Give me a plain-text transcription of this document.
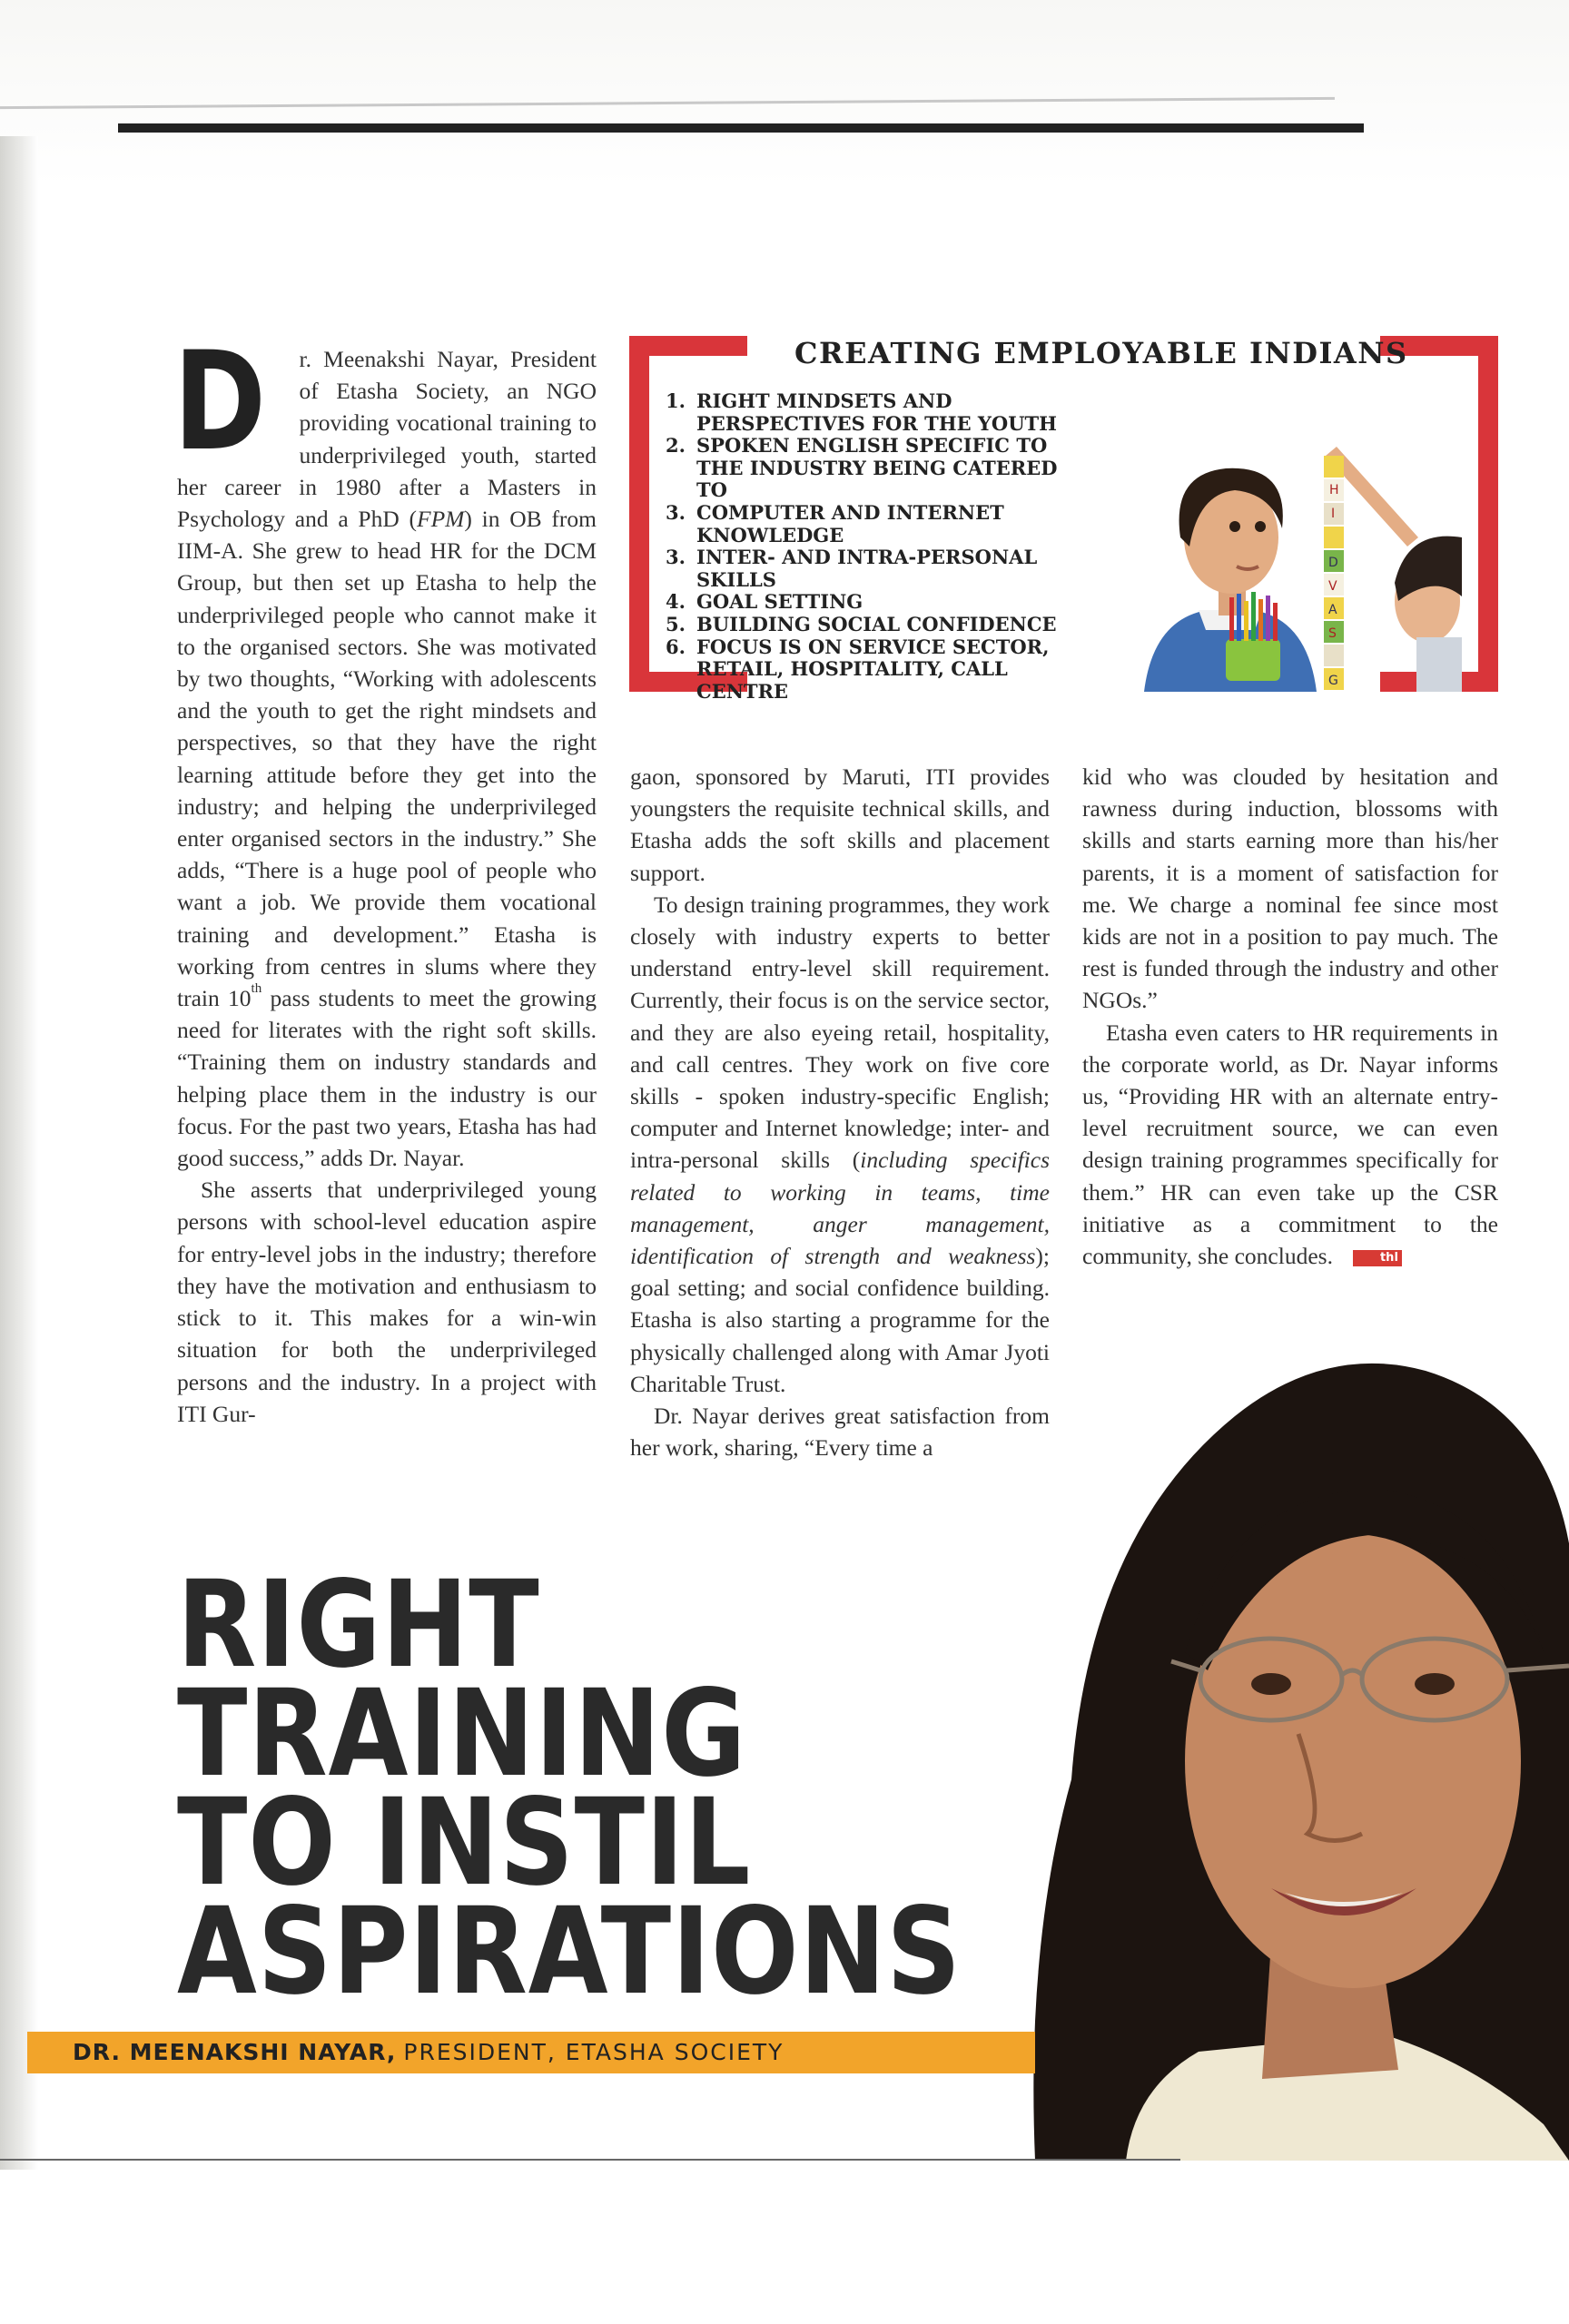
D r. Meenakshi Nayar, President of Etasha Society, an NGO providing vocational training to underprivileged youth, started her career in 1980 after a Masters in Psychology and a PhD (FPM) in OB from IIM-A. She grew to head HR for the DCM Group, but then set up Etasha to help the underprivileged people who cannot make it to the organised sectors. She was motivated by two thoughts, “Working with adolescents and the youth to get the right mindsets and perspectives, so that they have the right learning attitude before they get into the industry; and helping the underprivileged enter organised sectors in the industry.” She adds, “There is a huge pool of people who want a job. We provide them vocational training and development.” Etasha is working from centres in slums where they train 10th pass students to meet the growing need for literates with the right soft skills. “Training them on industry standards and helping place them in the industry is our focus. For the past two years, Etasha has had good success,” adds Dr. Nayar.

She asserts that underprivileged young persons with school-level education aspire for entry-level jobs in the industry; therefore they have the motivation and enthusiasm to stick to it. This makes for a win-win situation for both the underprivileged persons and the industry. In a project with ITI Gur-

CREATING EMPLOYABLE INDIANS
1. RIGHT MINDSETS AND PERSPECTIVES FOR THE YOUTH
2. SPOKEN ENGLISH SPECIFIC TO THE INDUSTRY BEING CATERED TO
3. COMPUTER AND INTERNET KNOWLEDGE
3. INTER- AND INTRA-PERSONAL SKILLS
4. GOAL SETTING
5. BUILDING SOCIAL CONFIDENCE
6. FOCUS IS ON SERVICE SECTOR, RETAIL, HOSPITALITY, CALL CENTRE
H
I
D
V
A
S
G

gaon, sponsored by Maruti, ITI provides youngsters the requisite technical skills, and Etasha adds the soft skills and placement support.

To design training programmes, they work closely with industry experts to better understand entry-level skill requirement. Currently, their focus is on the service sector, and they are also eyeing retail, hospitality, and call centres. They work on five core skills - spoken industry-specific English; computer and Internet knowledge; inter- and intra-personal skills (including specifics related to working in teams, time management, anger management, identification of strength and weakness); goal setting; and social confidence building. Etasha is also starting a programme for the physically challenged along with Amar Jyoti Charitable Trust.

Dr. Nayar derives great satisfaction from her work, sharing, “Every time a

kid who was clouded by hesitation and rawness during induction, blossoms with skills and starts earning more than his/her parents, it is a moment of satisfaction for me. We charge a nominal fee since most kids are not in a position to pay much. The rest is funded through the industry and other NGOs.”

Etasha even caters to HR requirements in the corporate world, as Dr. Nayar informs us, “Providing HR with an alternate entry-level recruitment source, we can even design training programmes specifically for them.” HR can even take up the CSR initiative as a commitment to the community, she concludes.	thl

RIGHT
TRAINING
TO INSTIL
ASPIRATIONS
DR. MEENAKSHI NAYAR, PRESIDENT, ETASHA SOCIETY
